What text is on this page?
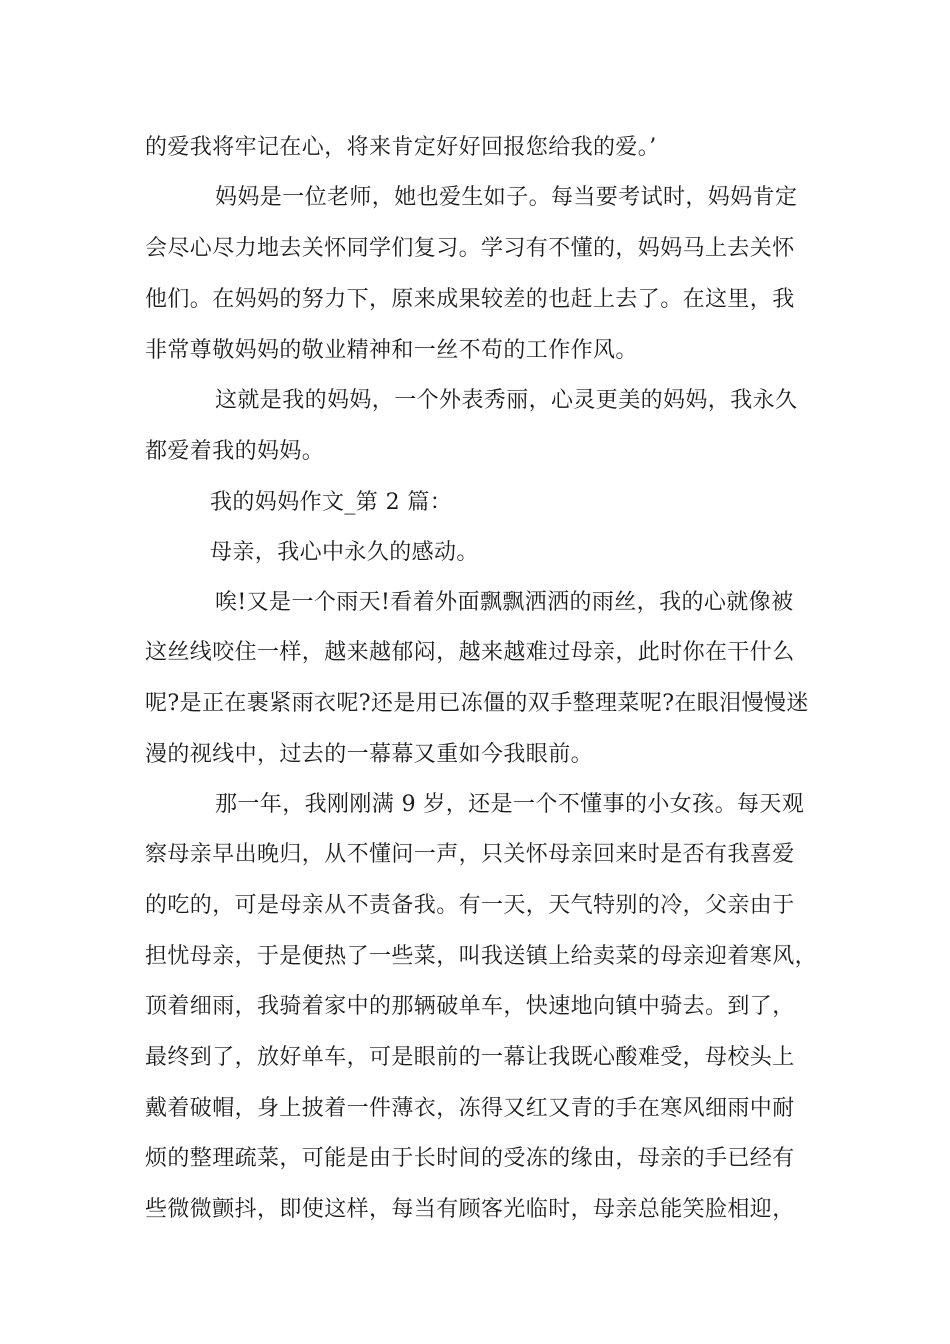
的爱我将牢记在心，将来肯定好好回报您给我的爱。’
妈妈是一位老师，她也爱生如子。每当要考试时，妈妈肯定
会尽心尽力地去关怀同学们复习。学习有不懂的，妈妈马上去关怀
他们。在妈妈的努力下，原来成果较差的也赶上去了。在这里，我
非常尊敬妈妈的敬业精神和一丝不苟的工作作风。
这就是我的妈妈，一个外表秀丽，心灵更美的妈妈，我永久
都爱着我的妈妈。
我的妈妈作文_第 2 篇：
母亲，我心中永久的感动。
唉!又是一个雨天!看着外面飘飘洒洒的雨丝，我的心就像被
这丝线咬住一样，越来越郁闷，越来越难过母亲，此时你在干什么
呢?是正在裹紧雨衣呢?还是用已冻僵的双手整理菜呢?在眼泪慢慢迷
漫的视线中，过去的一幕幕又重如今我眼前。
那一年，我刚刚满 9 岁，还是一个不懂事的小女孩。每天观
察母亲早出晚归，从不懂问一声，只关怀母亲回来时是否有我喜爱
的吃的，可是母亲从不责备我。有一天，天气特别的冷，父亲由于
担忧母亲，于是便热了一些菜，叫我送镇上给卖菜的母亲迎着寒风，
顶着细雨，我骑着家中的那辆破单车，快速地向镇中骑去。到了，
最终到了，放好单车，可是眼前的一幕让我既心酸难受，母校头上
戴着破帽，身上披着一件薄衣，冻得又红又青的手在寒风细雨中耐
烦的整理疏菜，可能是由于长时间的受冻的缘由，母亲的手已经有
些微微颤抖，即使这样，每当有顾客光临时，母亲总能笑脸相迎，
